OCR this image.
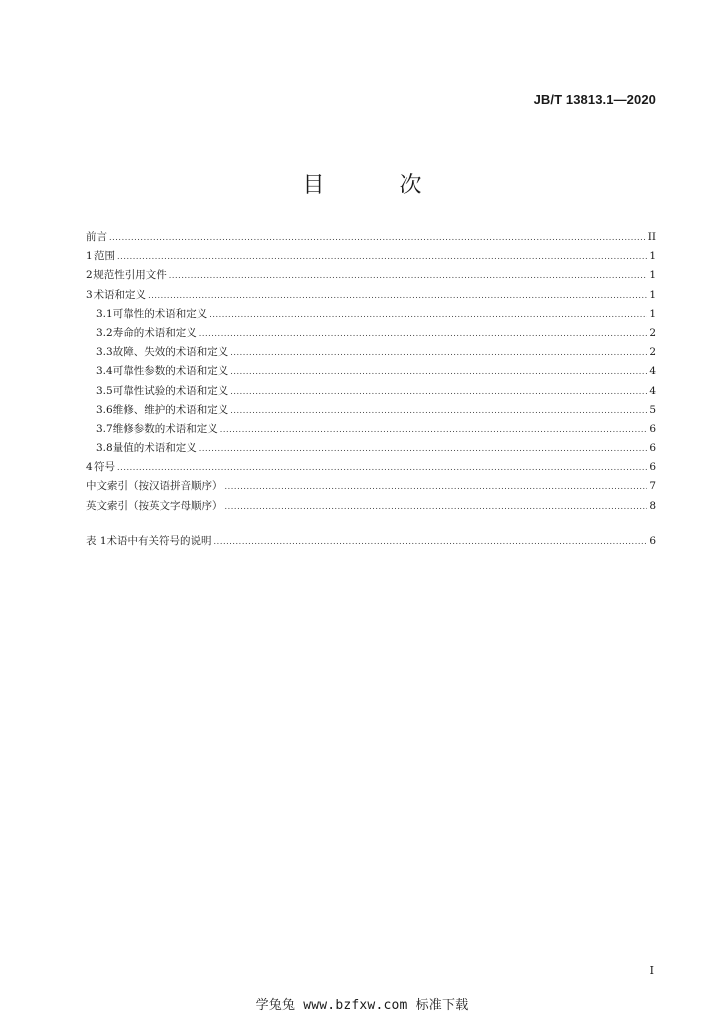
JB/T 13813.1—2020
目 次
前言 .....	II
1 范围 .....	1
2 规范性引用文件 .....	1
3 术语和定义 .....	1
3.1 可靠性的术语和定义 .....	1
3.2 寿命的术语和定义 .....	2
3.3 故障、失效的术语和定义 .....	2
3.4 可靠性参数的术语和定义 .....	4
3.5 可靠性试验的术语和定义 .....	4
3.6 维修、维护的术语和定义 .....	5
3.7 维修参数的术语和定义 .....	6
3.8 量值的术语和定义 .....	6
4 符号 .....	6
中文索引（按汉语拼音顺序） .....	7
英文索引（按英文字母顺序） .....	8
表 1 术语中有关符号的说明 .....	6
I
学兔兔 www.bzfxw.com 标准下载
